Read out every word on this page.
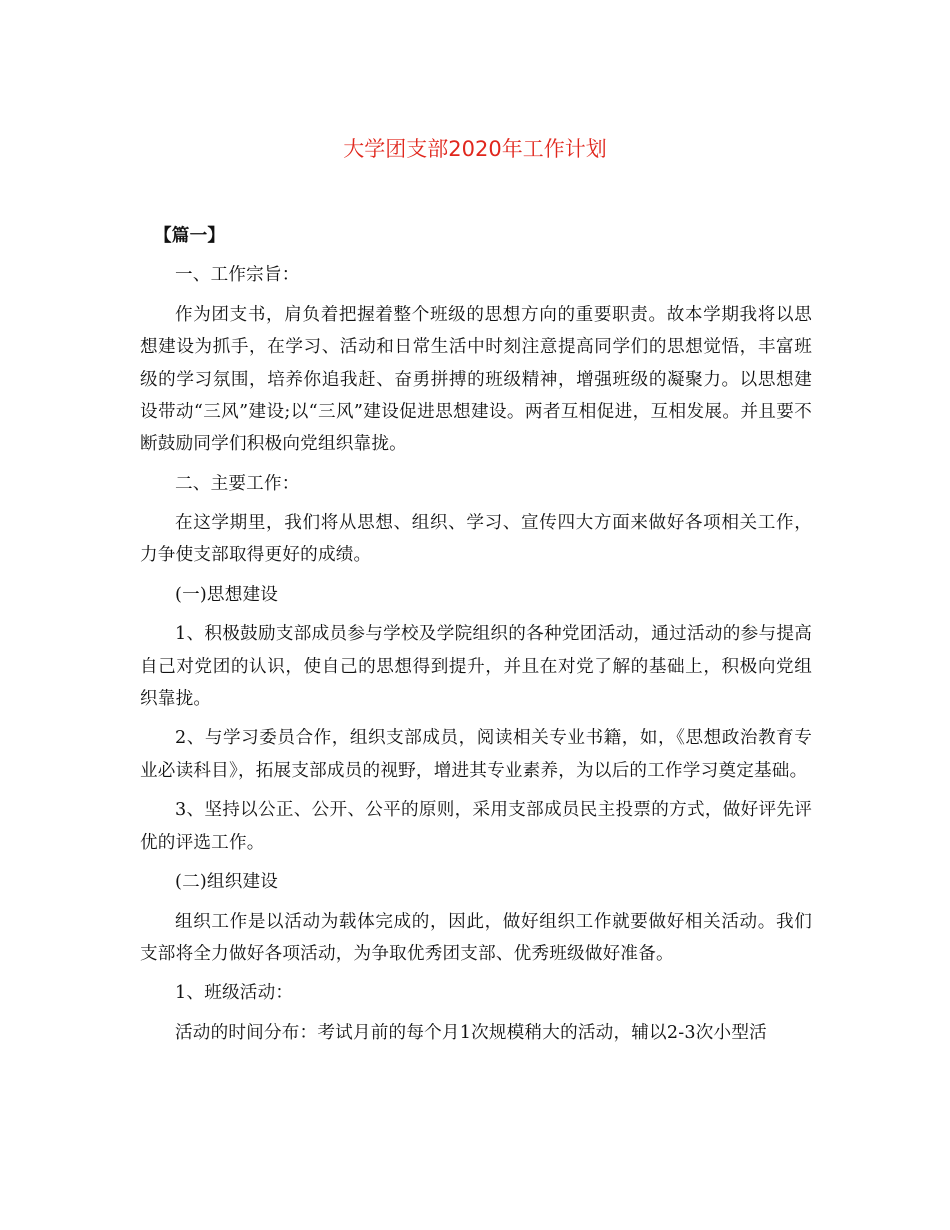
大学团支部2020年工作计划

【篇一】

一、工作宗旨：

作为团支书，肩负着把握着整个班级的思想方向的重要职责。故本学期我将以思想建设为抓手，在学习、活动和日常生活中时刻注意提高同学们的思想觉悟，丰富班级的学习氛围，培养你追我赶、奋勇拼搏的班级精神，增强班级的凝聚力。以思想建设带动“三风”建设;以“三风”建设促进思想建设。两者互相促进，互相发展。并且要不断鼓励同学们积极向党组织靠拢。

二、主要工作：

在这学期里，我们将从思想、组织、学习、宣传四大方面来做好各项相关工作，力争使支部取得更好的成绩。

(一)思想建设

1、积极鼓励支部成员参与学校及学院组织的各种党团活动，通过活动的参与提高自己对党团的认识，使自己的思想得到提升，并且在对党了解的基础上，积极向党组织靠拢。

2、与学习委员合作，组织支部成员，阅读相关专业书籍，如，《思想政治教育专业必读科目》，拓展支部成员的视野，增进其专业素养，为以后的工作学习奠定基础。

3、坚持以公正、公开、公平的原则，采用支部成员民主投票的方式，做好评先评优的评选工作。

(二)组织建设

组织工作是以活动为载体完成的，因此，做好组织工作就要做好相关活动。我们支部将全力做好各项活动，为争取优秀团支部、优秀班级做好准备。

1、班级活动：

活动的时间分布：考试月前的每个月1次规模稍大的活动，辅以2-3次小型活
